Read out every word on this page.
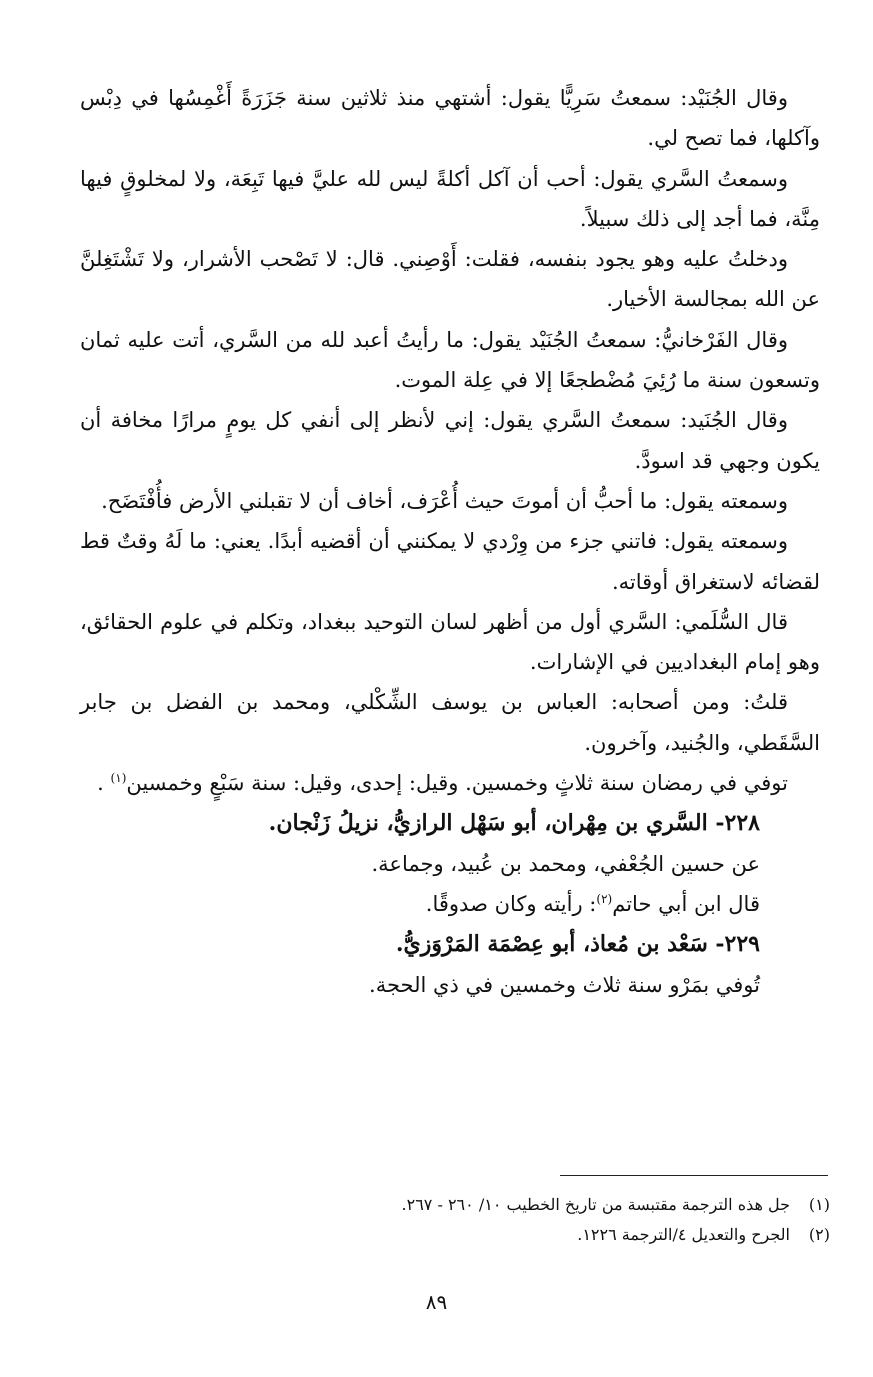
وقال الجُنَيْد: سمعتُ سَرِيًّا يقول: أشتهي منذ ثلاثين سنة جَزَرَةً أَغْمِسُها في دِبْس وآكلها، فما تصح لي.

وسمعتُ السَّري يقول: أحب أن آكل أكلةً ليس لله عليَّ فيها تَبِعَة، ولا لمخلوقٍ فيها مِنَّة، فما أجد إلى ذلك سبيلاً.

ودخلتُ عليه وهو يجود بنفسه، فقلت: أَوْصِني. قال: لا تَصْحب الأشرار، ولا تَشْتَغِلنَّ عن الله بمجالسة الأخيار.

وقال الفَرْخانيُّ: سمعتُ الجُنَيْد يقول: ما رأيتُ أعبد لله من السَّري، أتت عليه ثمان وتسعون سنة ما رُئِيَ مُضْطجعًا إلا في عِلة الموت.

وقال الجُنَيد: سمعتُ السَّري يقول: إني لأنظر إلى أنفي كل يومٍ مرارًا مخافة أن يكون وجهي قد اسودَّ.

وسمعته يقول: ما أحبُّ أن أموتَ حيث أُعْرَف، أخاف أن لا تقبلني الأرض فأُفْتَضَح.

وسمعته يقول: فاتني جزء من وِرْدي لا يمكنني أن أقضيه أبدًا. يعني: ما لَهُ وقتٌ قط لقضائه لاستغراق أوقاته.

قال السُّلَمي: السَّري أول من أظهر لسان التوحيد ببغداد، وتكلم في علوم الحقائق، وهو إمام البغداديين في الإشارات.

قلتُ: ومن أصحابه: العباس بن يوسف الشِّكْلي، ومحمد بن الفضل بن جابر السَّقَطي، والجُنيد، وآخرون.

توفي في رمضان سنة ثلاثٍ وخمسين. وقيل: إحدى، وقيل: سنة سَبْعٍ وخمسين$^{(١)}$ .

٢٢٨- السَّري بن مِهْران، أبو سَهْل الرازيُّ، نزيلُ زَنْجان.

عن حسين الجُعْفي، ومحمد بن عُبيد، وجماعة.

قال ابن أبي حاتم$^{(٢)}$: رأيته وكان صدوقًا.

٢٢٩- سَعْد بن مُعاذ، أبو عِصْمَة المَرْوَزيُّ.

تُوفي بمَرْو سنة ثلاث وخمسين في ذي الحجة.

(١)جل هذه الترجمة مقتبسة من تاريخ الخطيب ١٠/ ٢٦٠ - ٢٦٧.

(٢)الجرح والتعديل ٤/الترجمة ١٢٢٦.

٨٩
